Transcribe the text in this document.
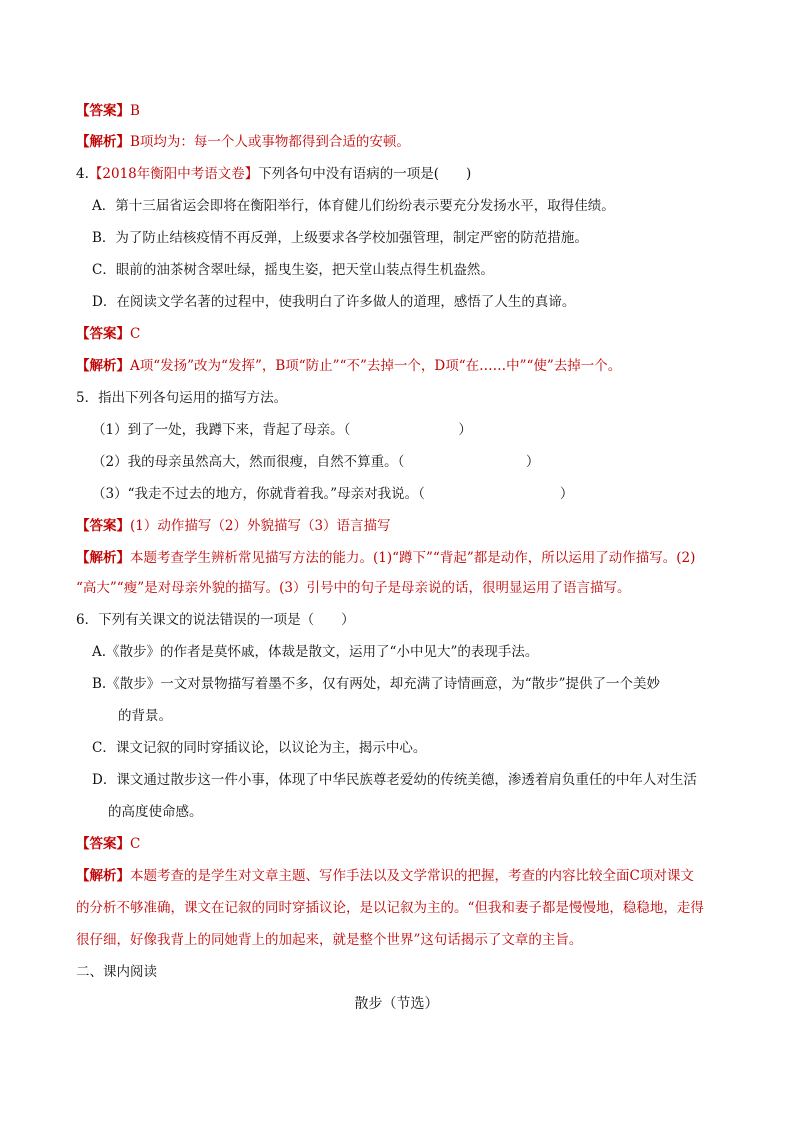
【答案】B
【解析】B项均为：每一个人或事物都得到合适的安顿。
4.【2018年衡阳中考语文卷】下列各句中没有语病的一项是(　　)
A．第十三届省运会即将在衡阳举行，体育健儿们纷纷表示要充分发扬水平，取得佳绩。
B．为了防止结核疫情不再反弹，上级要求各学校加强管理，制定严密的防范措施。
C．眼前的油茶树含翠吐绿，摇曳生姿，把天堂山装点得生机盎然。
D．在阅读文学名著的过程中，使我明白了许多做人的道理，感悟了人生的真谛。
【答案】C
【解析】A项“发扬”改为“发挥”，B项“防止”“不”去掉一个，D项“在……中”“使”去掉一个。
5．指出下列各句运用的描写方法。
（1）到了一处，我蹲下来，背起了母亲。（　　　　　　　　）
（2）我的母亲虽然高大，然而很瘦，自然不算重。（　　　　　　　　　）
（3）“我走不过去的地方，你就背着我。”母亲对我说。（　　　　　　　　　　）
【答案】(1）动作描写（2）外貌描写（3）语言描写
【解析】本题考查学生辨析常见描写方法的能力。(1)“蹲下”“背起”都是动作，所以运用了动作描写。(2)
“高大”“瘦”是对母亲外貌的描写。(3）引号中的句子是母亲说的话，很明显运用了语言描写。
6．下列有关课文的说法错误的一项是（　　）
A.《散步》的作者是莫怀戚，体裁是散文，运用了“小中见大”的表现手法。
B.《散步》一文对景物描写着墨不多，仅有两处，却充满了诗情画意，为“散步”提供了一个美妙
的背景。
C．课文记叙的同时穿插议论，以议论为主，揭示中心。
D．课文通过散步这一件小事，体现了中华民族尊老爱幼的传统美德，渗透着肩负重任的中年人对生活
的高度使命感。
【答案】C
【解析】本题考查的是学生对文章主题、写作手法以及文学常识的把握，考查的内容比较全面C项对课文
的分析不够准确，课文在记叙的同时穿插议论，是以记叙为主的。“但我和妻子都是慢慢地，稳稳地，走得
很仔细，好像我背上的同她背上的加起来，就是整个世界”这句话揭示了文章的主旨。
二、课内阅读
散步（节选）
